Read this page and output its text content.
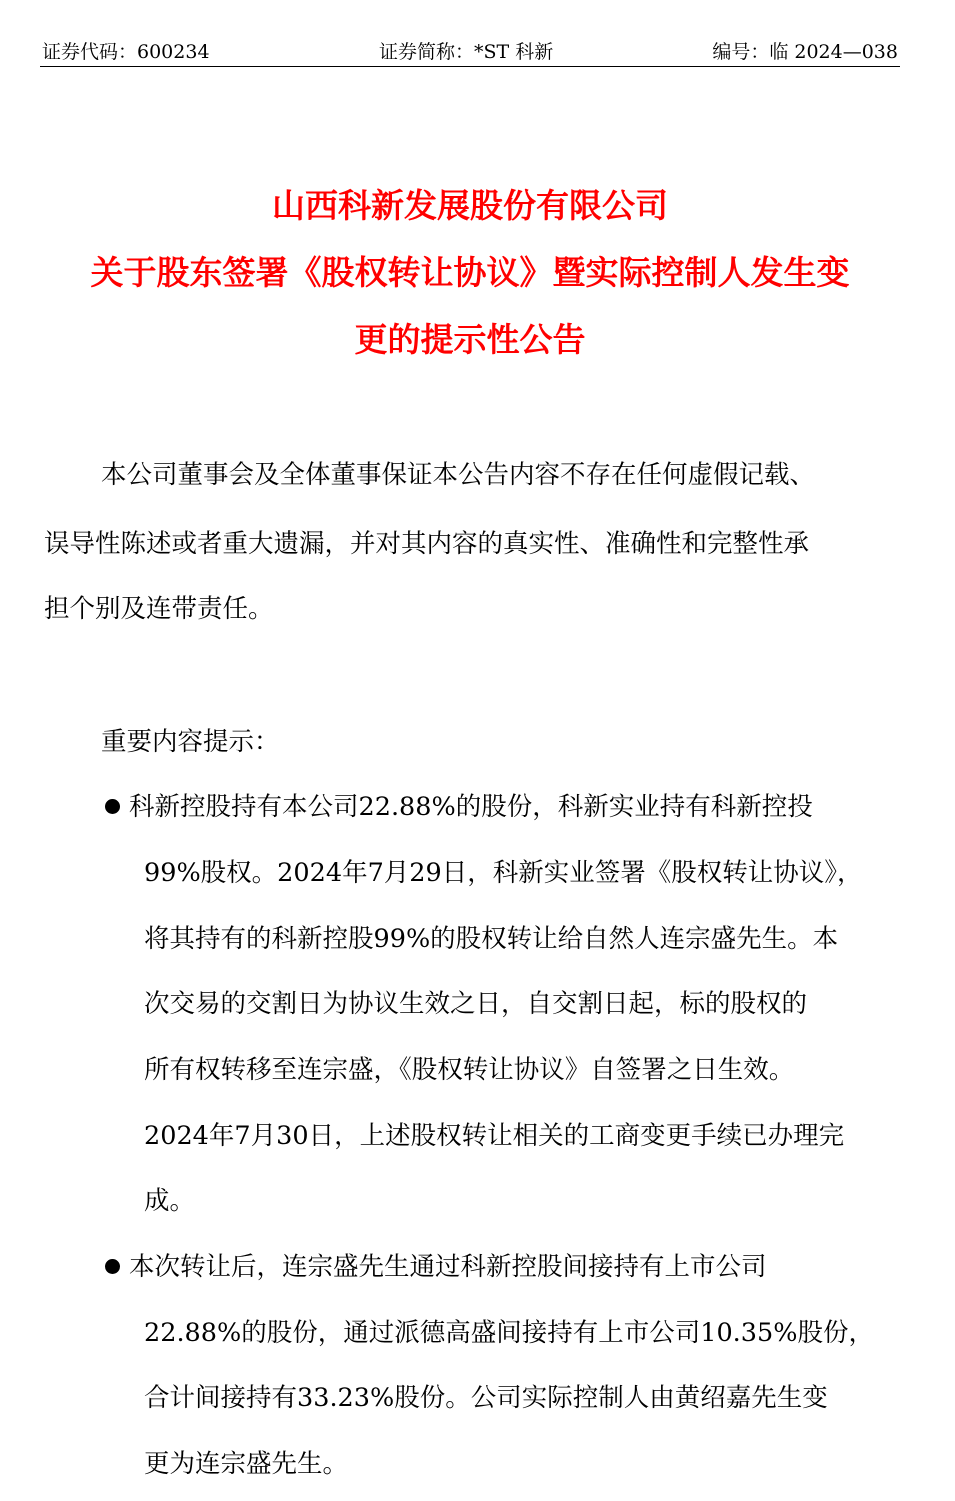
证券代码：600234	证券简称：*ST 科新	编号：临 2024—038
山西科新发展股份有限公司
关于股东签署《股权转让协议》暨实际控制人发生变
更的提示性公告
本公司董事会及全体董事保证本公告内容不存在任何虚假记载、
误导性陈述或者重大遗漏，并对其内容的真实性、准确性和完整性承
担个别及连带责任。
重要内容提示：
科新控股持有本公司22.88%的股份，科新实业持有科新控投
99%股权。2024年7月29日，科新实业签署《股权转让协议》，
将其持有的科新控股99%的股权转让给自然人连宗盛先生。本
次交易的交割日为协议生效之日，自交割日起，标的股权的
所有权转移至连宗盛，《股权转让协议》自签署之日生效。
2024年7月30日，上述股权转让相关的工商变更手续已办理完
成。
本次转让后，连宗盛先生通过科新控股间接持有上市公司
22.88%的股份，通过派德高盛间接持有上市公司10.35%股份，
合计间接持有33.23%股份。公司实际控制人由黄绍嘉先生变
更为连宗盛先生。
